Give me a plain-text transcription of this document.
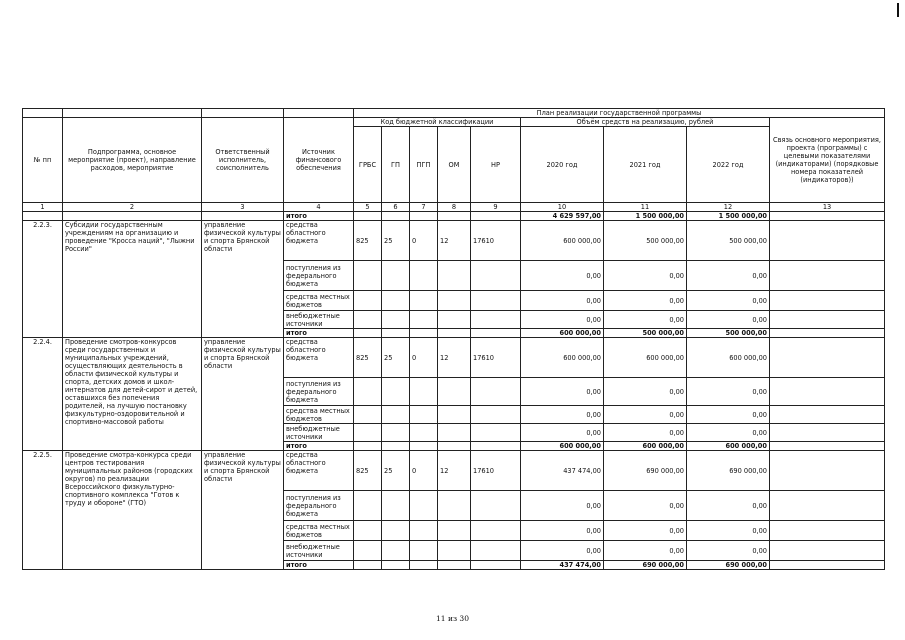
				План реализации государственной программы								
№ пп	Подпрограмма, основное мероприятие (проект), направление расходов, мероприятие	Ответственный исполнитель, соисполнитель	Источник финансового обеспечения	Код бюджетной классификации					Объём средств на реализацию, рублей			Связь основного мероприятия, проекта (программы) с целевыми показателями (индикаторами) (порядковые номера показателей (индикаторов))
				ГРБС	ГП	ПГП	ОМ	НР	2020 год	2021 год	2022 год	
1	2	3	4	5	6	7	8	9	10	11	12	13
			итого						4 629 597,00	1 500 000,00	1 500 000,00	
2.2.3.	Субсидии государственным учреждениям на организацию и проведение "Кросса наций", "Лыжни России"	управление физической культуры и спорта Брянской области	средства областного бюджета	825	25	0	12	17610	600 000,00	500 000,00	500 000,00	
			поступления из федерального бюджета						0,00	0,00	0,00	
			средства местных бюджетов						0,00	0,00	0,00	
			внебюджетные источники						0,00	0,00	0,00	
			итого						600 000,00	500 000,00	500 000,00	
2.2.4.	Проведение смотров-конкурсов среди государственных и муниципальных учреждений, осуществляющих деятельность в области физической культуры и спорта, детских домов и школ-интернатов для детей-сирот и детей, оставшихся без попечения родителей, на лучшую постановку физкультурно-оздоровительной и спортивно-массовой работы	управление физической культуры и спорта Брянской области	средства областного бюджета	825	25	0	12	17610	600 000,00	600 000,00	600 000,00	
			поступления из федерального бюджета						0,00	0,00	0,00	
			средства местных бюджетов						0,00	0,00	0,00	
			внебюджетные источники						0,00	0,00	0,00	
			итого						600 000,00	600 000,00	600 000,00	
2.2.5.	Проведение смотра-конкурса среди центров тестирования муниципальных районов (городских округов) по реализации Всероссийского физкультурно-спортивного комплекса "Готов к труду и обороне" (ГТО)	управление физической культуры и спорта Брянской области	средства областного бюджета	825	25	0	12	17610	437 474,00	690 000,00	690 000,00	
			поступления из федерального бюджета						0,00	0,00	0,00	
			средства местных бюджетов						0,00	0,00	0,00	
			внебюджетные источники						0,00	0,00	0,00	
			итого						437 474,00	690 000,00	690 000,00	
11 из 30
